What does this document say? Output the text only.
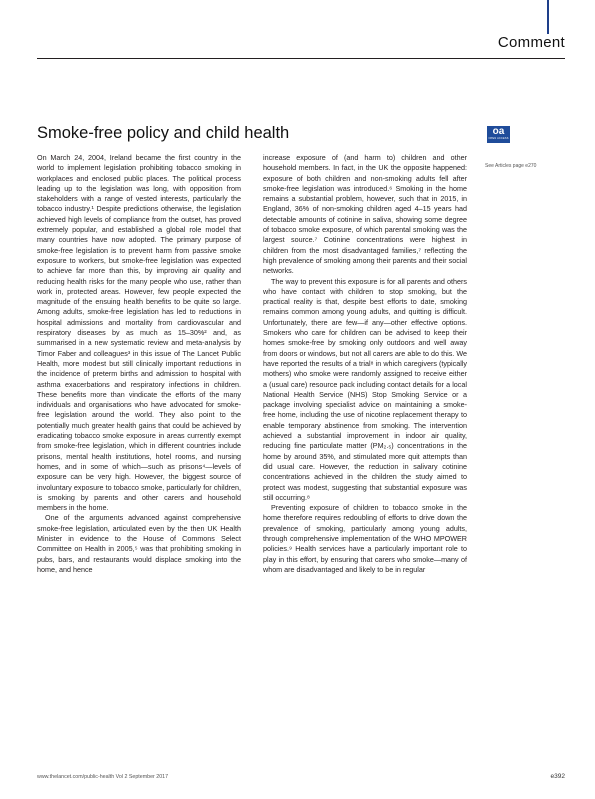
Comment
Smoke-free policy and child health	oa
OPEN ACCESS
See Articles page e270

On March 24, 2004, Ireland became the first country in the world to implement legislation prohibiting tobacco smoking in workplaces and enclosed public places. The political process leading up to the legislation was long, with opposition from stakeholders with a range of vested interests, particularly the tobacco industry.¹ Despite predictions otherwise, the legislation achieved high levels of compliance from the outset, has proved extremely popular, and established a global role model that many countries have now adopted. The primary purpose of smoke-free legislation is to prevent harm from passive smoke exposure to workers, but smoke-free legislation was expected to achieve far more than this, by improving air quality and reducing health risks for the many people who use, rather than work in, protected areas. However, few people expected the magnitude of the ensuing health benefits to be quite so large. Among adults, smoke-free legislation has led to reductions in hospital admissions and mortality from cardiovascular and respiratory diseases by as much as 15–30%² and, as summarised in a new systematic review and meta-analysis by Timor Faber and colleagues³ in this issue of The Lancet Public Health, more modest but still clinically important reductions in the incidence of preterm births and admission to hospital with asthma exacerbations and respiratory infections in children. These benefits more than vindicate the efforts of the many individuals and organisations who have advocated for smoke-free legislation around the world. They also point to the potentially much greater health gains that could be achieved by eradicating tobacco smoke exposure in areas currently exempt from smoke-free legislation, which in different countries include prisons, mental health institutions, hotel rooms, and nursing homes, and in some of which—such as prisons⁴—levels of exposure can be very high. However, the biggest source of involuntary exposure to tobacco smoke, particularly for children, is smoking by parents and other carers and household members in the home.

One of the arguments advanced against comprehensive smoke-free legislation, articulated even by the then UK Health Minister in evidence to the House of Commons Select Committee on Health in 2005,⁵ was that prohibiting smoking in pubs, bars, and restaurants would displace smoking into the home, and hence

increase exposure of (and harm to) children and other household members. In fact, in the UK the opposite happened: exposure of both children and non-smoking adults fell after smoke-free legislation was introduced.⁶ Smoking in the home remains a substantial problem, however, such that in 2015, in England, 36% of non-smoking children aged 4–15 years had detectable amounts of cotinine in saliva, showing some degree of tobacco smoke exposure, of which parental smoking was the largest source.⁷ Cotinine concentrations were highest in children from the most disadvantaged families,⁷ reflecting the high prevalence of smoking among their parents and their social networks.

The way to prevent this exposure is for all parents and others who have contact with children to stop smoking, but the practical reality is that, despite best efforts to date, smoking remains common among young adults, and quitting is difficult. Unfortunately, there are few—if any—other effective options. Smokers who care for children can be advised to keep their homes smoke-free by smoking only outdoors and well away from doors or windows, but not all carers are able to do this. We have reported the results of a trial⁸ in which caregivers (typically mothers) who smoke were randomly assigned to receive either a (usual care) resource pack including contact details for a local National Health Service (NHS) Stop Smoking Service or a package involving specialist advice on maintaining a smoke-free home, including the use of nicotine replacement therapy to enable temporary abstinence from smoking. The intervention achieved a substantial improvement in indoor air quality, reducing fine particulate matter (PM₂.₅) concentrations in the home by around 35%, and stimulated more quit attempts than did usual care. However, the reduction in salivary cotinine concentrations achieved in the children the study aimed to protect was modest, suggesting that substantial exposure was still occurring.⁸

Preventing exposure of children to tobacco smoke in the home therefore requires redoubling of efforts to drive down the prevalence of smoking, particularly among young adults, through comprehensive implementation of the WHO MPOWER policies.⁹ Health services have a particularly important role to play in this effort, by ensuring that carers who smoke—many of whom are disadvantaged and likely to be in regular

www.thelancet.com/public-health Vol 2 September 2017	e392
